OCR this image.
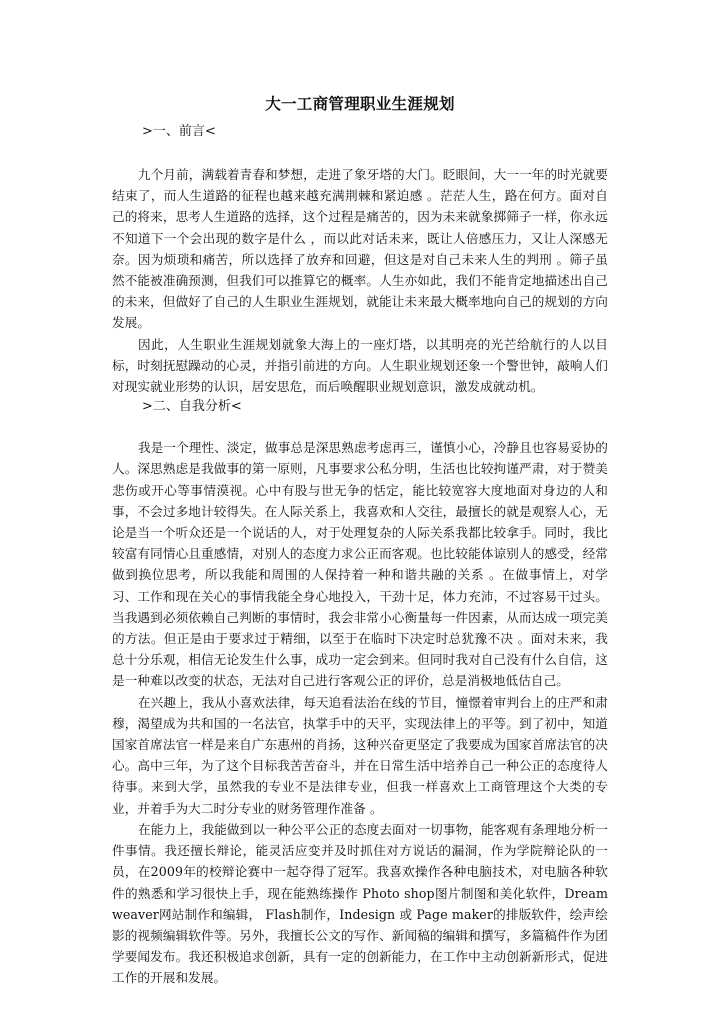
大一工商管理职业生涯规划

>一、前言<

九个月前，满载着青春和梦想，走进了象牙塔的大门。眨眼间，大一一年的时光就要结束了，而人生道路的征程也越来越充满荆棘和紧迫感 。茫茫人生，路在何方。面对自己的将来，思考人生道路的选择，这个过程是痛苦的，因为未来就象掷筛子一样，你永远不知道下一个会出现的数字是什么 ，而以此对话未来，既让人倍感压力，又让人深感无奈。因为烦琐和痛苦，所以选择了放弃和回避，但这是对自己未来人生的判刑 。筛子虽然不能被准确预测，但我们可以推算它的概率。人生亦如此，我们不能肯定地描述出自己的未来，但做好了自己的人生职业生涯规划，就能让未来最大概率地向自己的规划的方向发展。

因此，人生职业生涯规划就象大海上的一座灯塔，以其明亮的光芒给航行的人以目标，时刻抚慰躁动的心灵，并指引前进的方向。人生职业规划还象一个警世钟，敲响人们对现实就业形势的认识，居安思危，而后唤醒职业规划意识，激发成就动机。

>二、自我分析<

我是一个理性、淡定，做事总是深思熟虑考虑再三，谨慎小心，冷静且也容易妥协的人。深思熟虑是我做事的第一原则，凡事要求公私分明，生活也比较拘谨严肃，对于赞美悲伤或开心等事情漠视。心中有股与世无争的恬定，能比较宽容大度地面对身边的人和事，不会过多地计较得失。在人际关系上，我喜欢和人交往，最擅长的就是观察人心，无论是当一个听众还是一个说话的人，对于处理复杂的人际关系我都比较拿手。同时，我比较富有同情心且重感情，对别人的态度力求公正而客观。也比较能体谅别人的感受，经常做到换位思考，所以我能和周围的人保持着一种和谐共融的关系 。在做事情上，对学习、工作和现在关心的事情我能全身心地投入，干劲十足，体力充沛，不过容易干过头。当我遇到必须依赖自己判断的事情时，我会非常小心衡量每一件因素，从而达成一项完美的方法。但正是由于要求过于精细，以至于在临时下决定时总犹豫不决 。面对未来，我总十分乐观，相信无论发生什么事，成功一定会到来。但同时我对自己没有什么自信，这是一种难以改变的状态，无法对自己进行客观公正的评价，总是消极地低估自己。

在兴趣上，我从小喜欢法律，每天追看法治在线的节目，憧憬着审判台上的庄严和肃穆，渴望成为共和国的一名法官，执掌手中的天平，实现法律上的平等。到了初中，知道国家首席法官一样是来自广东惠州的肖扬，这种兴奋更坚定了我要成为国家首席法官的决心。高中三年，为了这个目标我苦苦奋斗，并在日常生活中培养自己一种公正的态度待人待事。来到大学，虽然我的专业不是法律专业，但我一样喜欢上工商管理这个大类的专业，并着手为大二时分专业的财务管理作准备 。

在能力上，我能做到以一种公平公正的态度去面对一切事物，能客观有条理地分析一件事情。我还擅长辩论，能灵活应变并及时抓住对方说话的漏洞，作为学院辩论队的一员，在2009年的校辩论赛中一起夺得了冠军。我喜欢操作各种电脑技术，对电脑各种软件的熟悉和学习很快上手，现在能熟练操作 Photo shop图片制图和美化软件，Dream weaver网站制作和编辑， Flash制作，Indesign 或 Page maker的排版软件，绘声绘影的视频编辑软件等。另外，我擅长公文的写作、新闻稿的编辑和撰写，多篇稿件作为团学要闻发布。我还积极追求创新，具有一定的创新能力，在工作中主动创新新形式，促进工作的开展和发展。
